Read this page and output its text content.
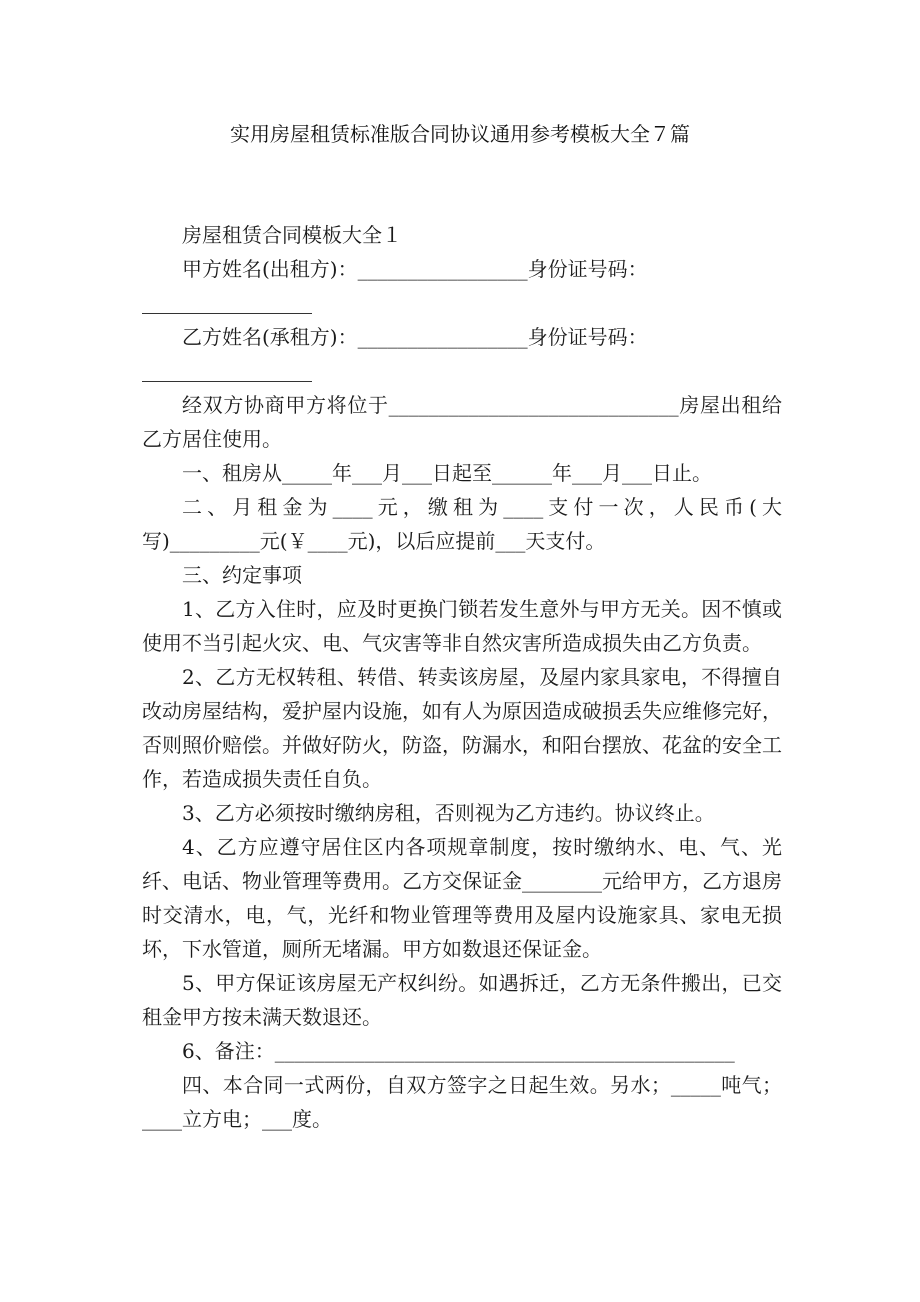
实用房屋租赁标准版合同协议通用参考模板大全７篇

房屋租赁合同模板大全１

甲方姓名(出租方)：_________________身份证号码：

乙方姓名(承租方)：_________________身份证号码：

经双方协商甲方将位于_____________________________房屋出租给乙方居住使用。

一、租房从_____年___月___日起至______年___月___日止。

二、月租金为____元，缴租为____支付一次，人民币(大写)_________元(￥____元)，以后应提前___天支付。

三、约定事项

1、乙方入住时，应及时更换门锁若发生意外与甲方无关。因不慎或使用不当引起火灾、电、气灾害等非自然灾害所造成损失由乙方负责。

2、乙方无权转租、转借、转卖该房屋，及屋内家具家电，不得擅自改动房屋结构，爱护屋内设施，如有人为原因造成破损丢失应维修完好，否则照价赔偿。并做好防火，防盗，防漏水，和阳台摆放、花盆的安全工作，若造成损失责任自负。

3、乙方必须按时缴纳房租，否则视为乙方违约。协议终止。

4、乙方应遵守居住区内各项规章制度，按时缴纳水、电、气、光纤、电话、物业管理等费用。乙方交保证金________元给甲方，乙方退房时交清水，电，气，光纤和物业管理等费用及屋内设施家具、家电无损坏，下水管道，厕所无堵漏。甲方如数退还保证金。

5、甲方保证该房屋无产权纠纷。如遇拆迁，乙方无条件搬出，已交租金甲方按未满天数退还。

6、备注：______________________________________________

四、本合同一式两份，自双方签字之日起生效。另水；_____吨气；____立方电；___度。
